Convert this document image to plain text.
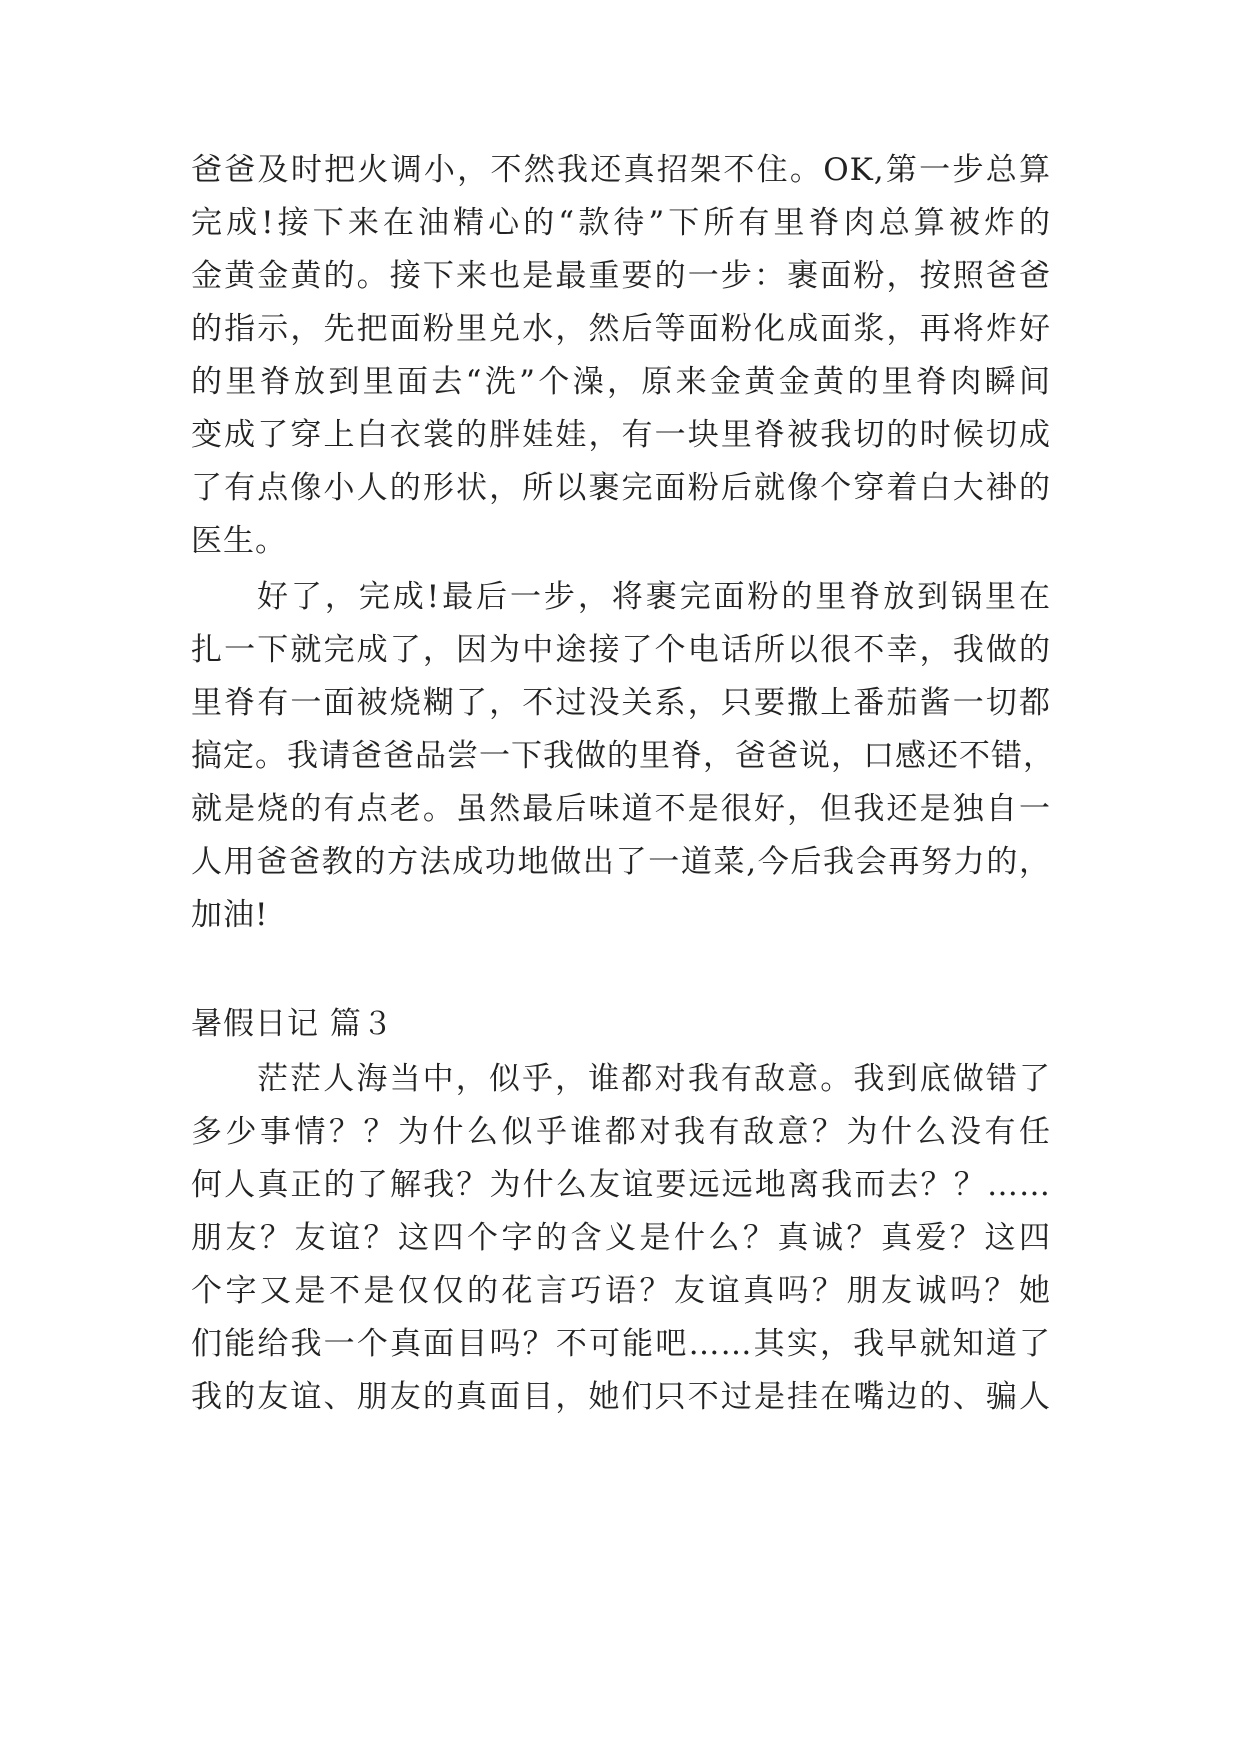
爸爸及时把火调小，不然我还真招架不住。OK,第一步总算
完成!接下来在油精心的“款待”下所有里脊肉总算被炸的
金黄金黄的。接下来也是最重要的一步：裹面粉，按照爸爸
的指示，先把面粉里兑水，然后等面粉化成面浆，再将炸好
的里脊放到里面去“洗”个澡，原来金黄金黄的里脊肉瞬间
变成了穿上白衣裳的胖娃娃，有一块里脊被我切的时候切成
了有点像小人的形状，所以裹完面粉后就像个穿着白大褂的
医生。
好了，完成!最后一步，将裹完面粉的里脊放到锅里在
扎一下就完成了，因为中途接了个电话所以很不幸，我做的
里脊有一面被烧糊了，不过没关系，只要撒上番茄酱一切都
搞定。我请爸爸品尝一下我做的里脊，爸爸说，口感还不错，
就是烧的有点老。虽然最后味道不是很好，但我还是独自一
人用爸爸教的方法成功地做出了一道菜,今后我会再努力的，
加油!
暑假日记 篇３
茫茫人海当中，似乎，谁都对我有敌意。我到底做错了
多少事情？？为什么似乎谁都对我有敌意？为什么没有任
何人真正的了解我？为什么友谊要远远地离我而去？？……
朋友？友谊？这四个字的含义是什么？真诚？真爱？这四
个字又是不是仅仅的花言巧语？友谊真吗？朋友诚吗？她
们能给我一个真面目吗？不可能吧……其实，我早就知道了
我的友谊、朋友的真面目，她们只不过是挂在嘴边的、骗人
